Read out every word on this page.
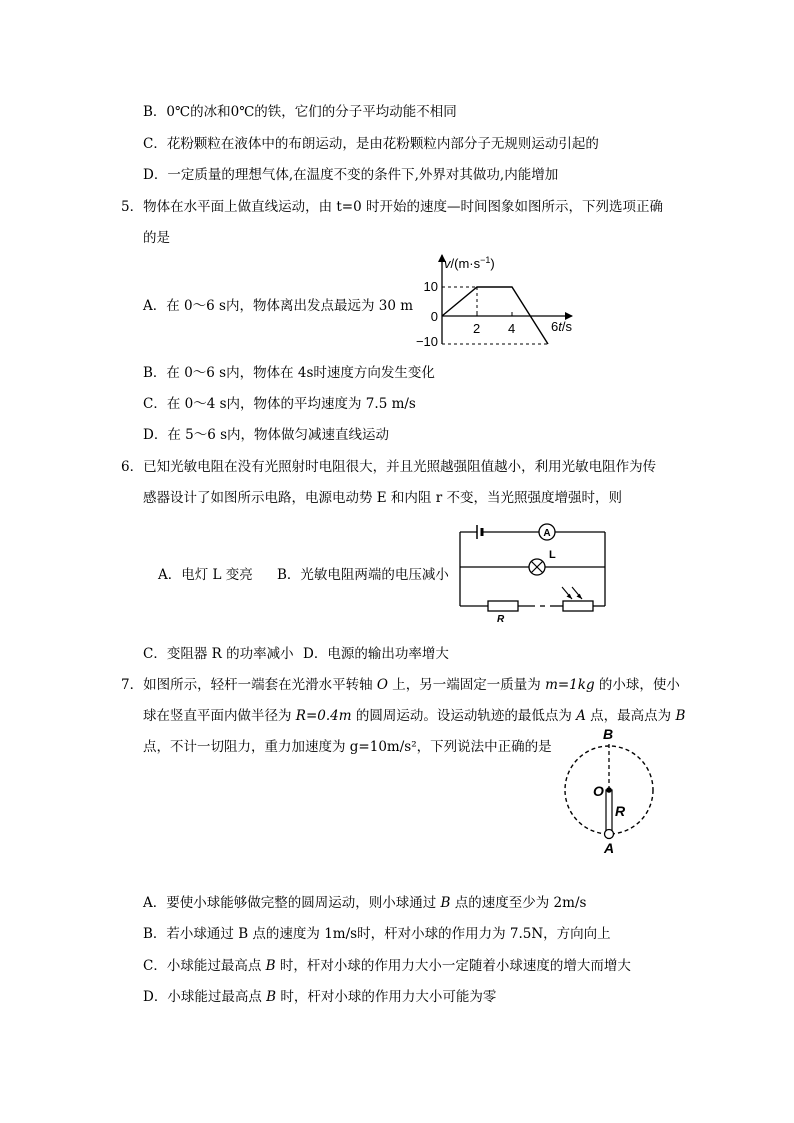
B．0℃的冰和0℃的铁，它们的分子平均动能不相同
C．花粉颗粒在液体中的布朗运动，是由花粉颗粒内部分子无规则运动引起的
D．一定质量的理想气体,在温度不变的条件下,外界对其做功,内能增加
5．物体在水平面上做直线运动，由 t=0 时开始的速度—时间图象如图所示，下列选项正确
的是
A．在 0～6 s内，物体离出发点最远为 30 m
$v/(m\cdot s^{-1})$
10
0
−10
2 4	6t/s
B．在 0～6 s内，物体在 4s时速度方向发生变化
C．在 0～4 s内，物体的平均速度为 7.5 m/s
D．在 5～6 s内，物体做匀减速直线运动
6．已知光敏电阻在没有光照射时电阻很大，并且光照越强阻值越小，利用光敏电阻作为传
感器设计了如图所示电路，电源电动势 E 和内阻 r 不变，当光照强度增强时，则
A
L
R
A．电灯 L 变亮 B．光敏电阻两端的电压减小
C．变阻器 R 的功率减小 D．电源的输出功率增大
7．如图所示，轻杆一端套在光滑水平转轴 O 上，另一端固定一质量为 m=1kg 的小球，使小
球在竖直平面内做半径为 R=0.4m 的圆周运动。设运动轨迹的最低点为 A 点，最高点为 B
点，不计一切阻力，重力加速度为 g=10m/s²，下列说法中正确的是
B
O
R
A
A．要使小球能够做完整的圆周运动，则小球通过 B 点的速度至少为 2m/s
B．若小球通过 B 点的速度为 1m/s时，杆对小球的作用力为 7.5N，方向向上
C．小球能过最高点 B 时，杆对小球的作用力大小一定随着小球速度的增大而增大
D．小球能过最高点 B 时，杆对小球的作用力大小可能为零
